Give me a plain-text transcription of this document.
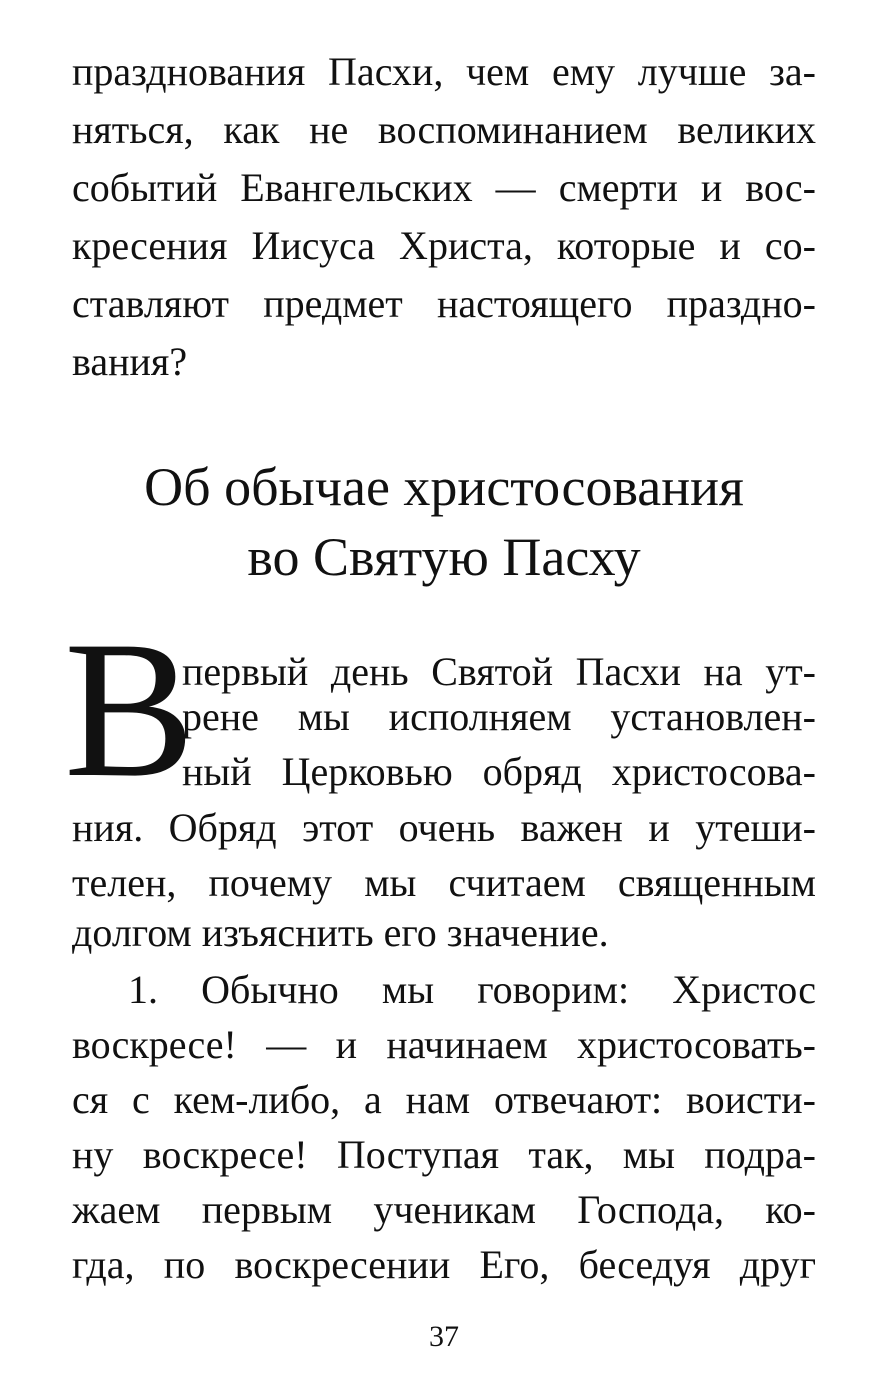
празднования Пасхи, чем ему лучше за-
няться, как не воспоминанием великих
событий Евангельских — смерти и вос-
кресения Иисуса Христа, которые и со-
ставляют предмет настоящего праздно-
вания?
Об обычае христосования
во Святую Пасху
В
первый день Святой Пасхи на ут-
рене мы исполняем установлен-
ный Церковью обряд христосова-
ния. Обряд этот очень важен и утеши-
телен, почему мы считаем священным
долгом изъяснить его значение.
1. Обычно мы говорим: Христос
воскресе! — и начинаем христосовать-
ся с кем-либо, а нам отвечают: воисти-
ну воскресе! Поступая так, мы подра-
жаем первым ученикам Господа, ко-
гда, по воскресении Его, беседуя друг
37
